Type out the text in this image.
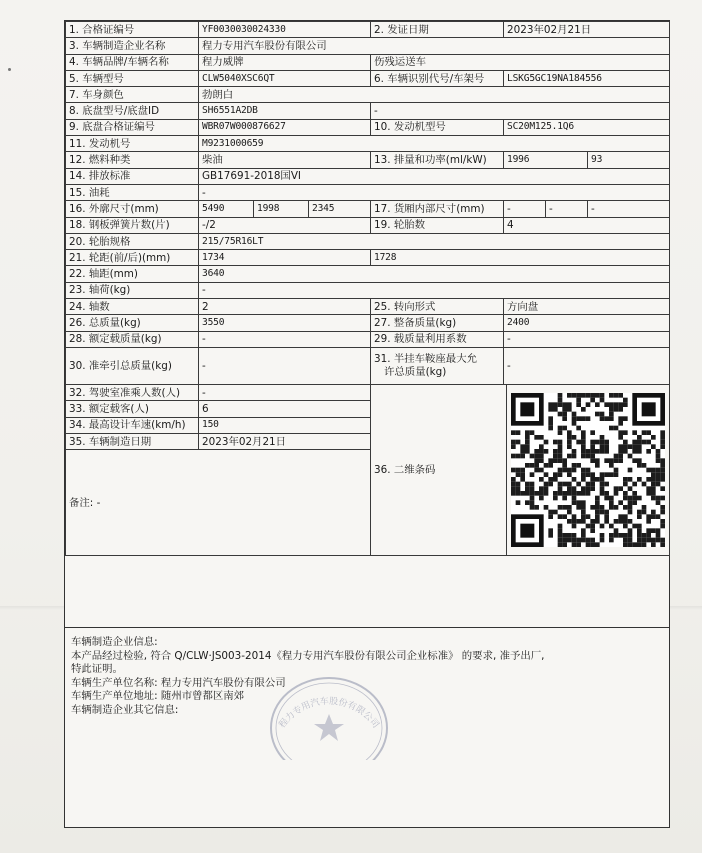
1. 合格证编号	YF0030030024330			2. 发证日期	2023年02月21日		
3. 车辆制造企业名称	程力专用汽车股份有限公司						
4. 车辆品牌/车辆名称	程力威牌			伤残运送车			
5. 车辆型号	CLW5040XSC6QT			6. 车辆识别代号/车架号	LSKG5GC19NA184556		
7. 车身颜色	勃朗白						
8. 底盘型号/底盘ID	SH6551A2DB			-			
9. 底盘合格证编号	WBR07W000876627			10. 发动机型号	SC20M125.1Q6		
11. 发动机号	M9231000659						
12. 燃料种类	柴油			13. 排量和功率(ml/kW)	1996		93
14. 排放标准	GB17691-2018国VI						
15. 油耗	-						
16. 外廓尺寸(mm)	5490	1998	2345	17. 货厢内部尺寸(mm)	-	-	-
18. 钢板弹簧片数(片)	-/2			19. 轮胎数	4		
20. 轮胎规格	215/75R16LT						
21. 轮距(前/后)(mm)	1734			1728			
22. 轴距(mm)	3640						
23. 轴荷(kg)	-						
24. 轴数	2			25. 转向形式	方向盘		
26. 总质量(kg)	3550			27. 整备质量(kg)	2400		
28. 额定载质量(kg)	-			29. 载质量利用系数	-		
30. 准牵引总质量(kg)	-			31. 半挂车鞍座最大允
许总质量(kg)	-		
32. 驾驶室准乘人数(人)	-			36. 二维条码			

33. 额定载客(人)	6						
34. 最高设计车速(km/h)	150						
35. 车辆制造日期	2023年02月21日						
备注: -							

车辆制造企业信息:

本产品经过检验, 符合 Q/CLW·JS003-2014《程力专用汽车股份有限公司企业标准》 的要求, 准予出厂,

特此证明。

车辆生产单位名称: 程力专用汽车股份有限公司

车辆生产单位地址: 随州市曾都区南郊

车辆制造企业其它信息:

程力专用汽车股份有限公司
